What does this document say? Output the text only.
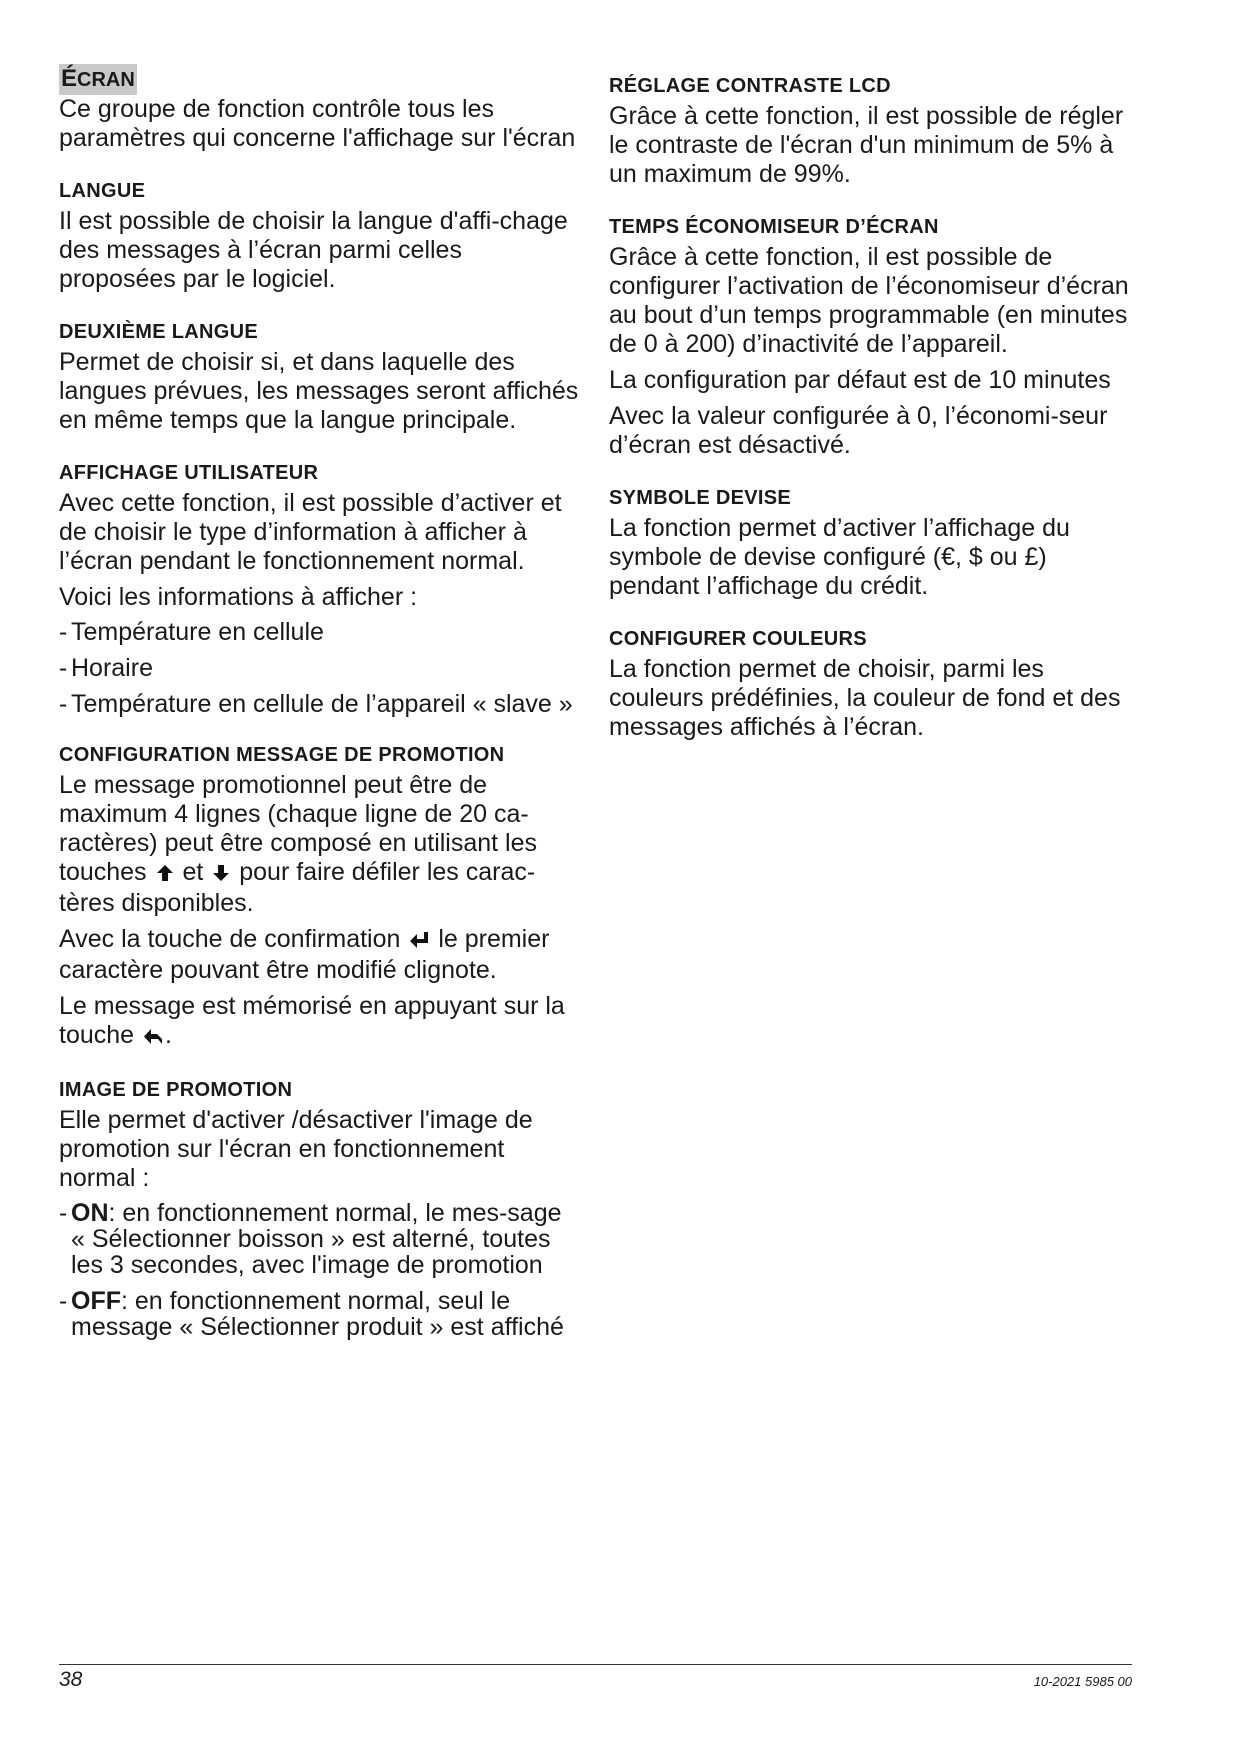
ÉCRAN

Ce groupe de fonction contrôle tous les paramètres qui concerne l'affichage sur l'écran

LANGUE

Il est possible de choisir la langue d'affi-chage des messages à l’écran parmi celles proposées par le logiciel.

DEUXIÈME LANGUE

Permet de choisir si, et dans laquelle des langues prévues, les messages seront affichés en même temps que la langue principale.

AFFICHAGE UTILISATEUR

Avec cette fonction, il est possible d’activer et de choisir le type d’information à afficher à l’écran pendant le fonctionnement normal.

Voici les informations à afficher :

- Température en cellule
- Horaire
- Température en cellule de l’appareil « slave »
CONFIGURATION MESSAGE DE PROMOTION

Le message promotionnel peut être de maximum 4 lignes (chaque ligne de 20 ca-ractères) peut être composé en utilisant les touches et pour faire défiler les carac-tères disponibles.

Avec la touche de confirmation le premier caractère pouvant être modifié clignote.

Le message est mémorisé en appuyant sur la touche .

IMAGE DE PROMOTION

Elle permet d'activer /désactiver l'image de promotion sur l'écran en fonctionnement normal :

- ON: en fonctionnement normal, le mes-sage « Sélectionner boisson » est alterné, toutes les 3 secondes, avec l'image de promotion
- OFF: en fonctionnement normal, seul le message « Sélectionner produit » est affiché
RÉGLAGE CONTRASTE LCD

Grâce à cette fonction, il est possible de régler le contraste de l'écran d'un minimum de 5% à un maximum de 99%.

TEMPS ÉCONOMISEUR D’ÉCRAN

Grâce à cette fonction, il est possible de configurer l’activation de l’économiseur d’écran au bout d’un temps programmable (en minutes de 0 à 200) d’inactivité de l’appareil.

La configuration par défaut est de 10 minutes

Avec la valeur configurée à 0, l’économi-seur d’écran est désactivé.

SYMBOLE DEVISE

La fonction permet d’activer l’affichage du symbole de devise configuré (€, $ ou £) pendant l’affichage du crédit.

CONFIGURER COULEURS

La fonction permet de choisir, parmi les couleurs prédéfinies, la couleur de fond et des messages affichés à l’écran.

38	10-2021 5985 00
